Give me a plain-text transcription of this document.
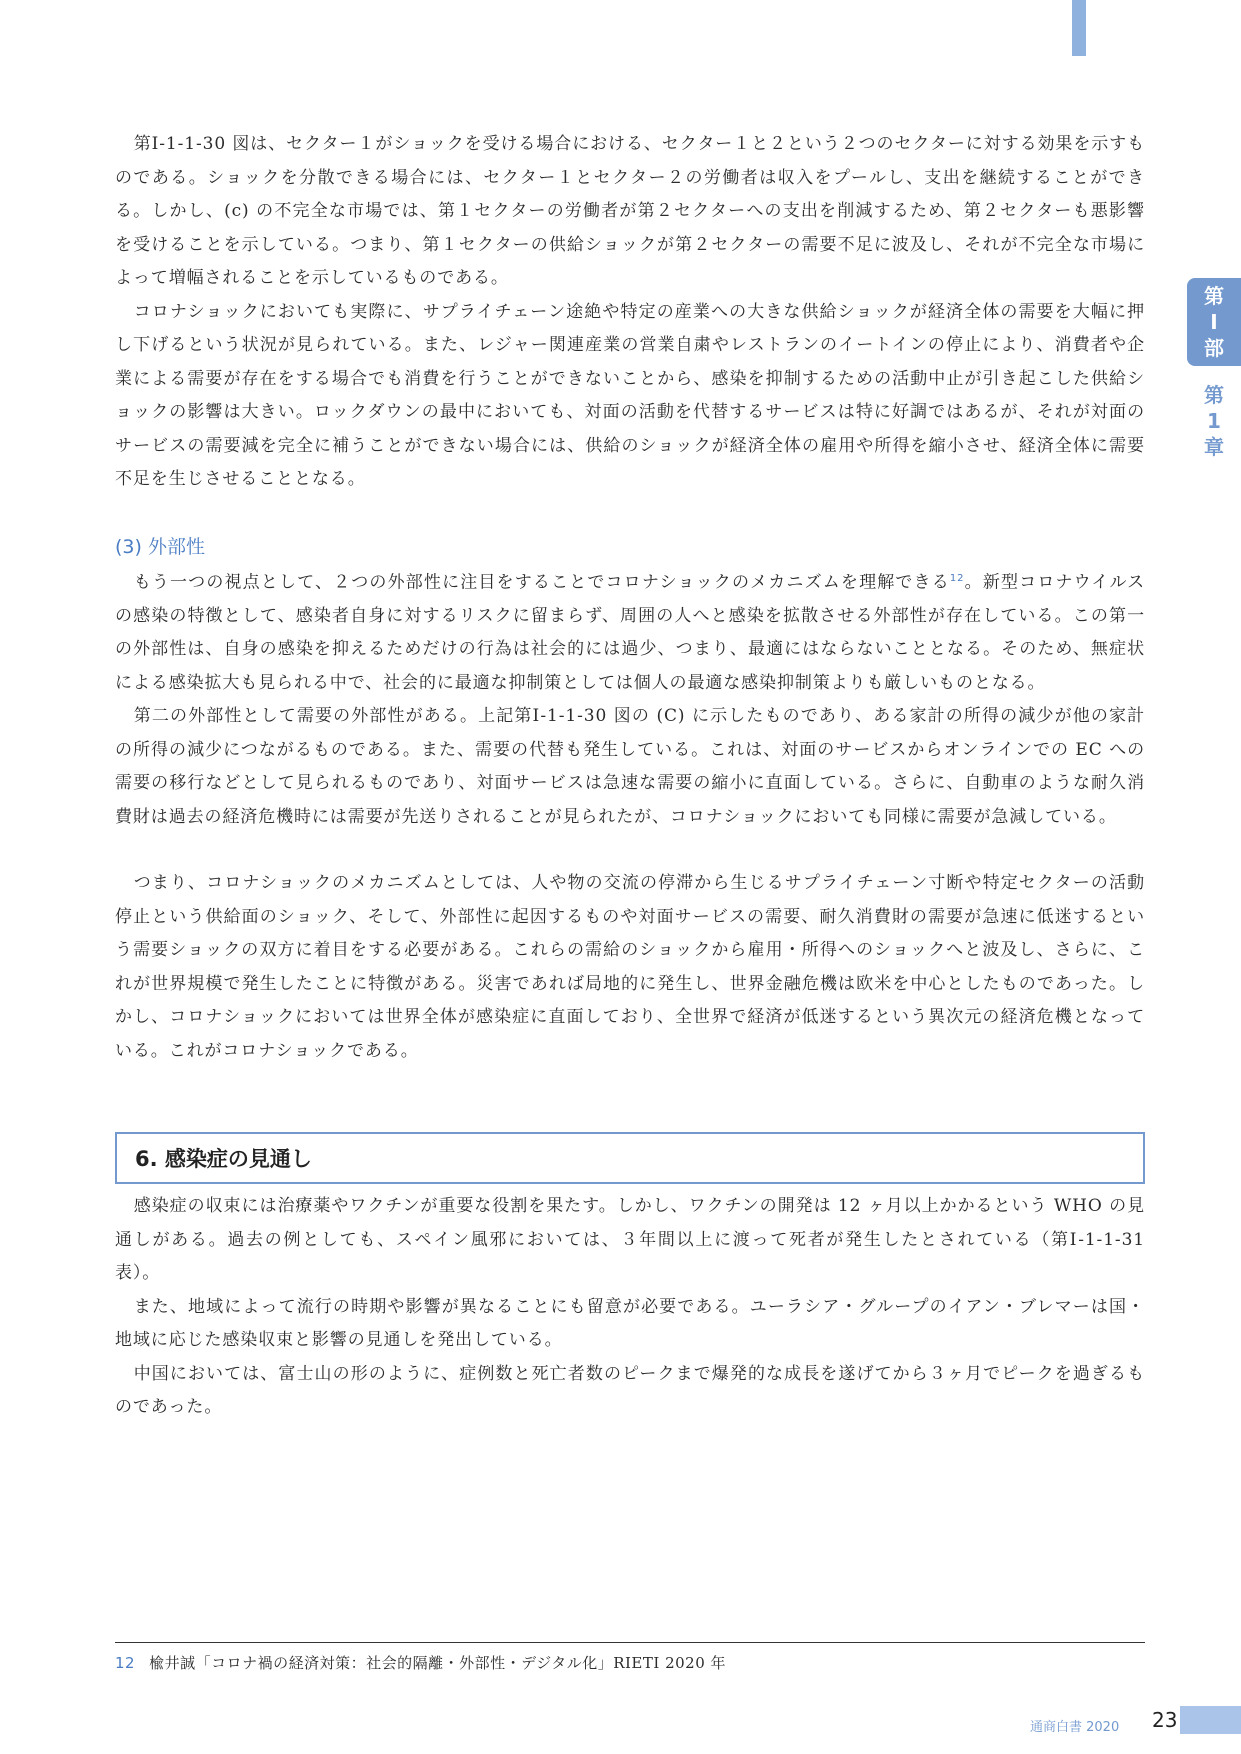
第
Ⅰ
部
第
1
章

第Ⅰ-1-1-30 図は、セクター１がショックを受ける場合における、セクター１と２という２つのセクターに対する効果を示すものである。ショックを分散できる場合には、セクター１とセクター２の労働者は収入をプールし、支出を継続することができる。しかし、(c) の不完全な市場では、第１セクターの労働者が第２セクターへの支出を削減するため、第２セクターも悪影響を受けることを示している。つまり、第１セクターの供給ショックが第２セクターの需要不足に波及し、それが不完全な市場によって増幅されることを示しているものである。

コロナショックにおいても実際に、サプライチェーン途絶や特定の産業への大きな供給ショックが経済全体の需要を大幅に押し下げるという状況が見られている。また、レジャー関連産業の営業自粛やレストランのイートインの停止により、消費者や企業による需要が存在をする場合でも消費を行うことができないことから、感染を抑制するための活動中止が引き起こした供給ショックの影響は大きい。ロックダウンの最中においても、対面の活動を代替するサービスは特に好調ではあるが、それが対面のサービスの需要減を完全に補うことができない場合には、供給のショックが経済全体の雇用や所得を縮小させ、経済全体に需要不足を生じさせることとなる。

(3) 外部性

もう一つの視点として、２つの外部性に注目をすることでコロナショックのメカニズムを理解できる$^{12}$。新型コロナウイルスの感染の特徴として、感染者自身に対するリスクに留まらず、周囲の人へと感染を拡散させる外部性が存在している。この第一の外部性は、自身の感染を抑えるためだけの行為は社会的には過少、つまり、最適にはならないこととなる。そのため、無症状による感染拡大も見られる中で、社会的に最適な抑制策としては個人の最適な感染抑制策よりも厳しいものとなる。

第二の外部性として需要の外部性がある。上記第Ⅰ-1-1-30 図の (C) に示したものであり、ある家計の所得の減少が他の家計の所得の減少につながるものである。また、需要の代替も発生している。これは、対面のサービスからオンラインでの EC への需要の移行などとして見られるものであり、対面サービスは急速な需要の縮小に直面している。さらに、自動車のような耐久消費財は過去の経済危機時には需要が先送りされることが見られたが、コロナショックにおいても同様に需要が急減している。

つまり、コロナショックのメカニズムとしては、人や物の交流の停滞から生じるサプライチェーン寸断や特定セクターの活動停止という供給面のショック、そして、外部性に起因するものや対面サービスの需要、耐久消費財の需要が急速に低迷するという需要ショックの双方に着目をする必要がある。これらの需給のショックから雇用・所得へのショックへと波及し、さらに、これが世界規模で発生したことに特徴がある。災害であれば局地的に発生し、世界金融危機は欧米を中心としたものであった。しかし、コロナショックにおいては世界全体が感染症に直面しており、全世界で経済が低迷するという異次元の経済危機となっている。これがコロナショックである。

6. 感染症の見通し

感染症の収束には治療薬やワクチンが重要な役割を果たす。しかし、ワクチンの開発は 12 ヶ月以上かかるという WHO の見通しがある。過去の例としても、スペイン風邪においては、３年間以上に渡って死者が発生したとされている（第Ⅰ-1-1-31 表）。

また、地域によって流行の時期や影響が異なることにも留意が必要である。ユーラシア・グループのイアン・ブレマーは国・地域に応じた感染収束と影響の見通しを発出している。

中国においては、富士山の形のように、症例数と死亡者数のピークまで爆発的な成長を遂げてから３ヶ月でピークを過ぎるものであった。

12 楡井誠「コロナ禍の経済対策：社会的隔離・外部性・デジタル化」RIETI 2020 年
通商白書 2020 23
